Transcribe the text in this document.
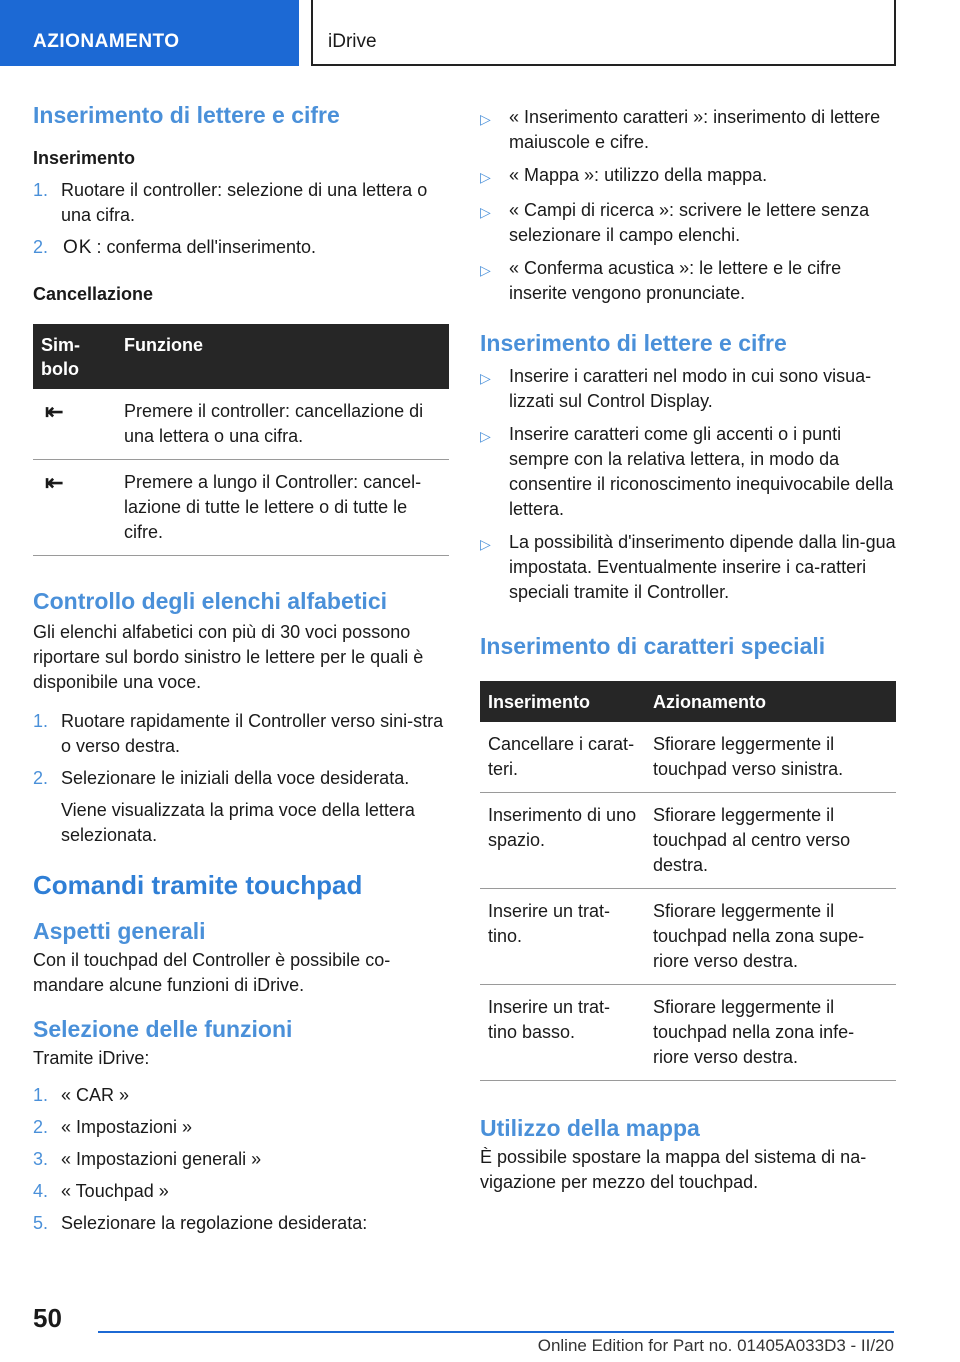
AZIONAMENTO	iDrive
Inserimento di lettere e cifre
Inserimento
1. Ruotare il controller: selezione di una lettera o una cifra.
2. OK : conferma dell'inserimento.
Cancellazione
Sim-bolo	Funzione
⇤	Premere il controller: cancellazione di una lettera o una cifra.
⇤	Premere a lungo il Controller: cancel-lazione di tutte le lettere o di tutte le cifre.
Controllo degli elenchi alfabetici

Gli elenchi alfabetici con più di 30 voci possono riportare sul bordo sinistro le lettere per le quali è disponibile una voce.

1. Ruotare rapidamente il Controller verso sini-stra o verso destra.
2. Selezionare le iniziali della voce desiderata.
Viene visualizzata la prima voce della lettera selezionata.
Comandi tramite touchpad
Aspetti generali

Con il touchpad del Controller è possibile co-mandare alcune funzioni di iDrive.

Selezione delle funzioni

Tramite iDrive:

1. « CAR »
2. « Impostazioni »
3. « Impostazioni generali »
4. « Touchpad »
5. Selezionare la regolazione desiderata:
▷	« Inserimento caratteri »: inserimento di lettere maiuscole e cifre.
▷	« Mappa »: utilizzo della mappa.
▷	« Campi di ricerca »: scrivere le lettere senza selezionare il campo elenchi.
▷	« Conferma acustica »: le lettere e le cifre inserite vengono pronunciate.
Inserimento di lettere e cifre
▷	Inserire i caratteri nel modo in cui sono visua-lizzati sul Control Display.
▷	Inserire caratteri come gli accenti o i punti sempre con la relativa lettera, in modo da consentire il riconoscimento inequivocabile della lettera.
▷	La possibilità d'inserimento dipende dalla lin-gua impostata. Eventualmente inserire i ca-ratteri speciali tramite il Controller.
Inserimento di caratteri speciali
Inserimento	Azionamento
Cancellare i carat-teri.	Sfiorare leggermente il touchpad verso sinistra.
Inserimento di uno spazio.	Sfiorare leggermente il touchpad al centro verso destra.
Inserire un trat-tino.	Sfiorare leggermente il touchpad nella zona supe-riore verso destra.
Inserire un trat-tino basso.	Sfiorare leggermente il touchpad nella zona infe-riore verso destra.
Utilizzo della mappa

È possibile spostare la mappa del sistema di na-vigazione per mezzo del touchpad.

50
Online Edition for Part no. 01405A033D3 - II/20
